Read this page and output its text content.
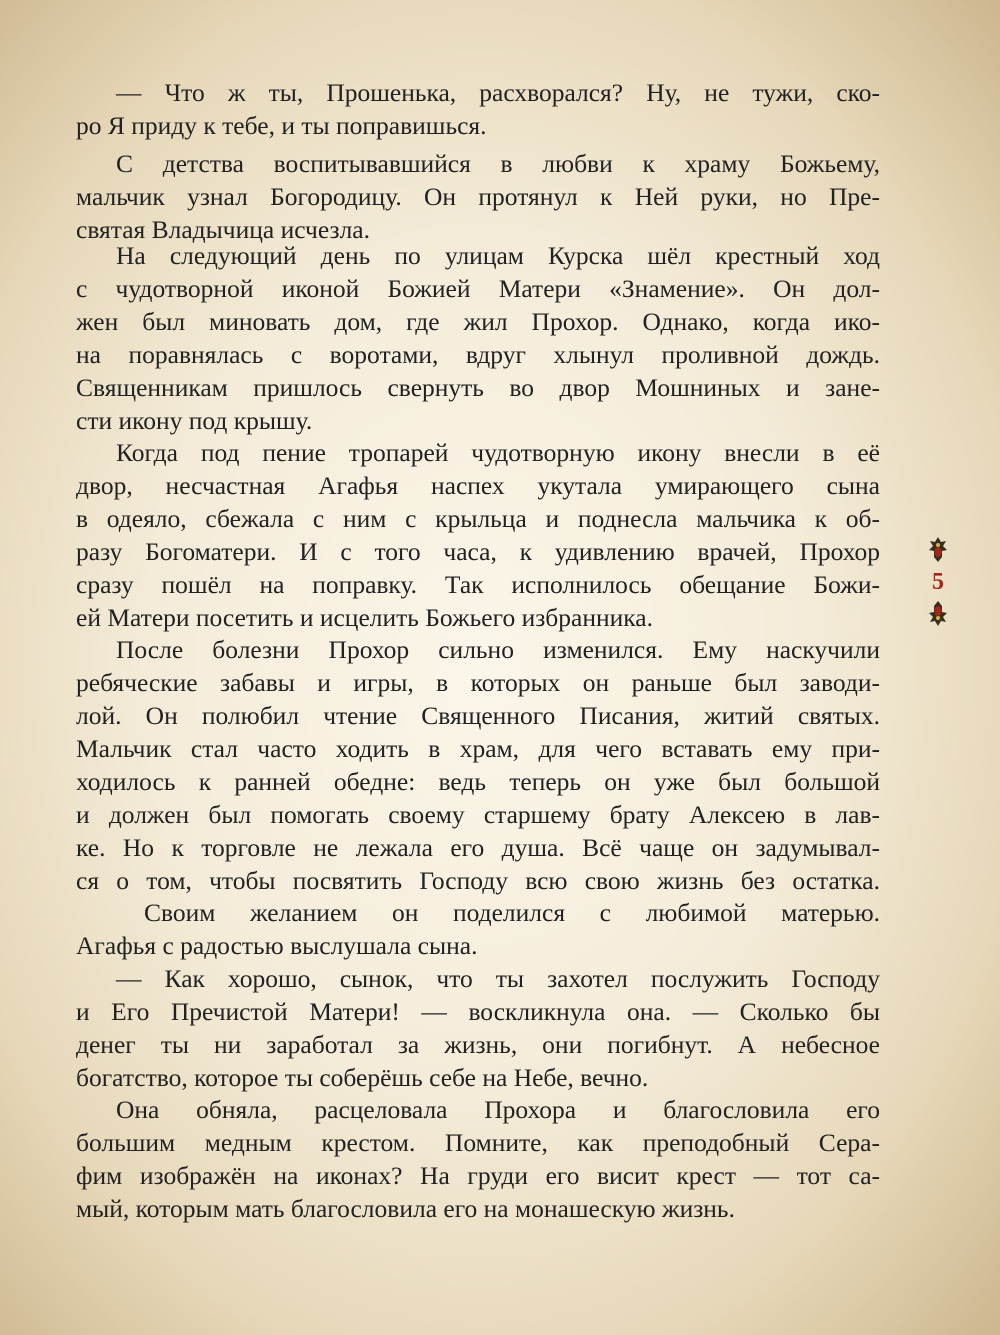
— Что ж ты, Прошенька, расхворался? Ну, не тужи, ско-

ро Я приду к тебе, и ты поправишься.

С детства воспитывавшийся в любви к храму Божьему,

мальчик узнал Богородицу. Он протянул к Ней руки, но Пре-

святая Владычица исчезла.

На следующий день по улицам Курска шёл крестный ход

с чудотворной иконой Божией Матери «Знамение». Он дол-

жен был миновать дом, где жил Прохор. Однако, когда ико-

на поравнялась с воротами, вдруг хлынул проливной дождь.

Священникам пришлось свернуть во двор Мошниных и зане-

сти икону под крышу.

Когда под пение тропарей чудотворную икону внесли в её

двор, несчастная Агафья наспех укутала умирающего сына

в одеяло, сбежала с ним с крыльца и поднесла мальчика к об-

разу Богоматери. И с того часа, к удивлению врачей, Прохор

сразу пошёл на поправку. Так исполнилось обещание Божи-

ей Матери посетить и исцелить Божьего избранника.

После болезни Прохор сильно изменился. Ему наскучили

ребяческие забавы и игры, в которых он раньше был заводи-

лой. Он полюбил чтение Священного Писания, житий святых.

Мальчик стал часто ходить в храм, для чего вставать ему при-

ходилось к ранней обедне: ведь теперь он уже был большой

и должен был помогать своему старшему брату Алексею в лав-

ке. Но к торговле не лежала его душа. Всё чаще он задумывал-

ся о том, чтобы посвятить Господу всю свою жизнь без остатка.

Своим желанием он поделился с любимой матерью.

Агафья с радостью выслушала сына.

— Как хорошо, сынок, что ты захотел послужить Господу

и Его Пречистой Матери! — воскликнула она. — Сколько бы

денег ты ни заработал за жизнь, они погибнут. А небесное

богатство, которое ты соберёшь себе на Небе, вечно.

Она обняла, расцеловала Прохора и благословила его

большим медным крестом. Помните, как преподобный Сера-

фим изображён на иконах? На груди его висит крест — тот са-

мый, которым мать благословила его на монашескую жизнь.

5
